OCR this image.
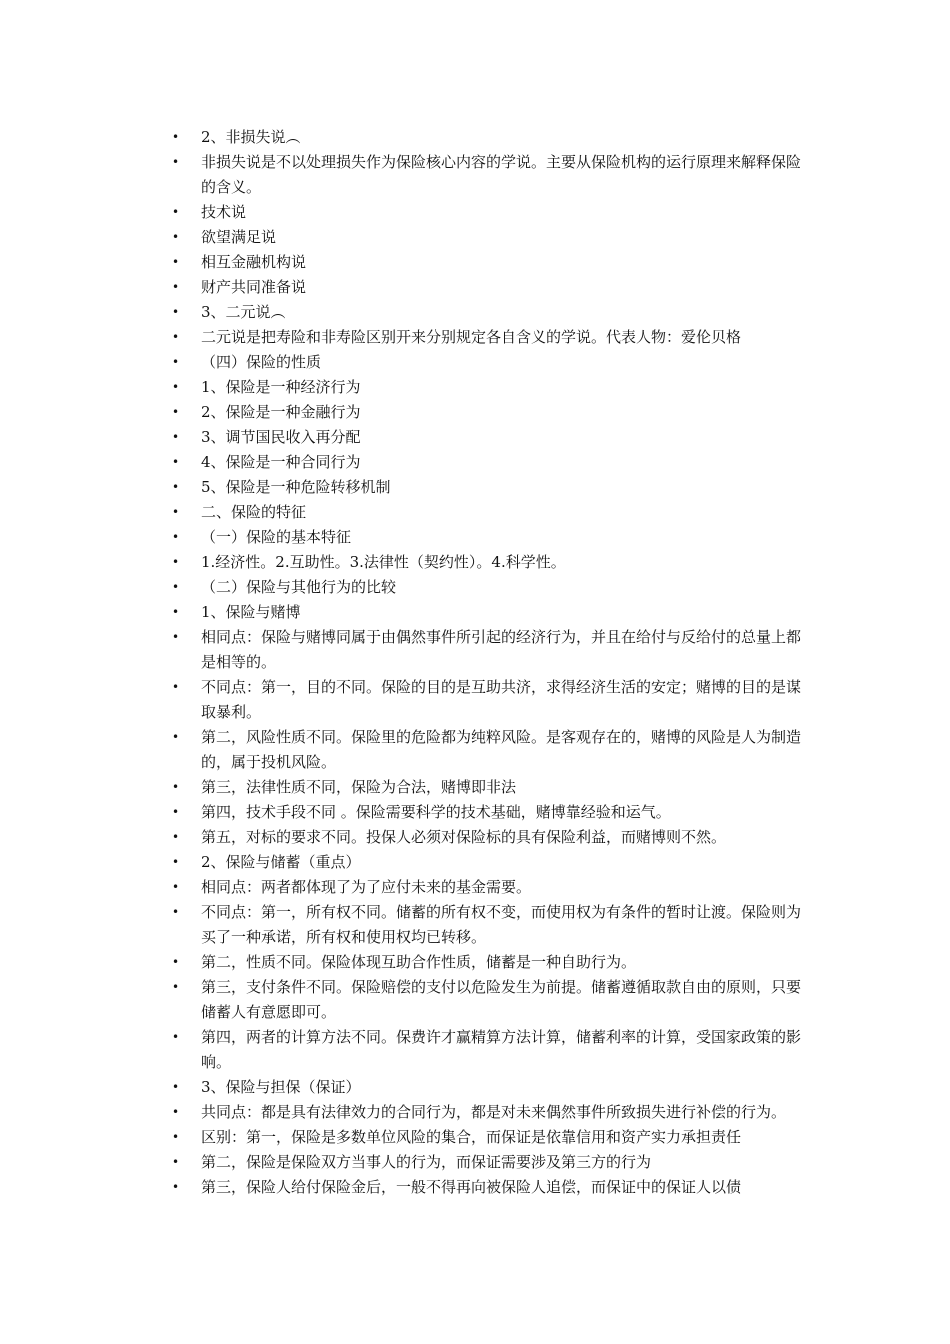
•	2、非损失说︵
•	非损失说是不以处理损失作为保险核心内容的学说。主要从保险机构的运行原理来解释保险的含义。
•	技术说
•	欲望满足说
•	相互金融机构说
•	财产共同准备说
•	3、二元说︵
•	二元说是把寿险和非寿险区别开来分别规定各自含义的学说。代表人物：爱伦贝格
•	（四）保险的性质
•	1、保险是一种经济行为
•	2、保险是一种金融行为
•	3、调节国民收入再分配
•	4、保险是一种合同行为
•	5、保险是一种危险转移机制
•	二、保险的特征
•	（一）保险的基本特征
•	1.经济性。2.互助性。3.法律性（契约性）。4.科学性。
•	（二）保险与其他行为的比较
•	1、保险与赌博
•	相同点：保险与赌博同属于由偶然事件所引起的经济行为，并且在给付与反给付的总量上都是相等的。
•	不同点：第一，目的不同。保险的目的是互助共济，求得经济生活的安定；赌博的目的是谋取暴利。
•	第二，风险性质不同。保险里的危险都为纯粹风险。是客观存在的，赌博的风险是人为制造的，属于投机风险。
•	第三，法律性质不同，保险为合法，赌博即非法
•	第四，技术手段不同 。保险需要科学的技术基础，赌博靠经验和运气。
•	第五，对标的要求不同。投保人必须对保险标的具有保险利益，而赌博则不然。
•	2、保险与储蓄（重点）
•	相同点：两者都体现了为了应付未来的基金需要。
•	不同点：第一，所有权不同。储蓄的所有权不变，而使用权为有条件的暂时让渡。保险则为买了一种承诺，所有权和使用权均已转移。
•	第二，性质不同。保险体现互助合作性质，储蓄是一种自助行为。
•	第三，支付条件不同。保险赔偿的支付以危险发生为前提。储蓄遵循取款自由的原则，只要储蓄人有意愿即可。
•	第四，两者的计算方法不同。保费许才赢精算方法计算，储蓄利率的计算，受国家政策的影响。
•	3、保险与担保（保证）
•	共同点：都是具有法律效力的合同行为，都是对未来偶然事件所致损失进行补偿的行为。
•	区别：第一，保险是多数单位风险的集合，而保证是依靠信用和资产实力承担责任
•	第二，保险是保险双方当事人的行为，而保证需要涉及第三方的行为
•	第三，保险人给付保险金后，一般不得再向被保险人追偿，而保证中的保证人以债
